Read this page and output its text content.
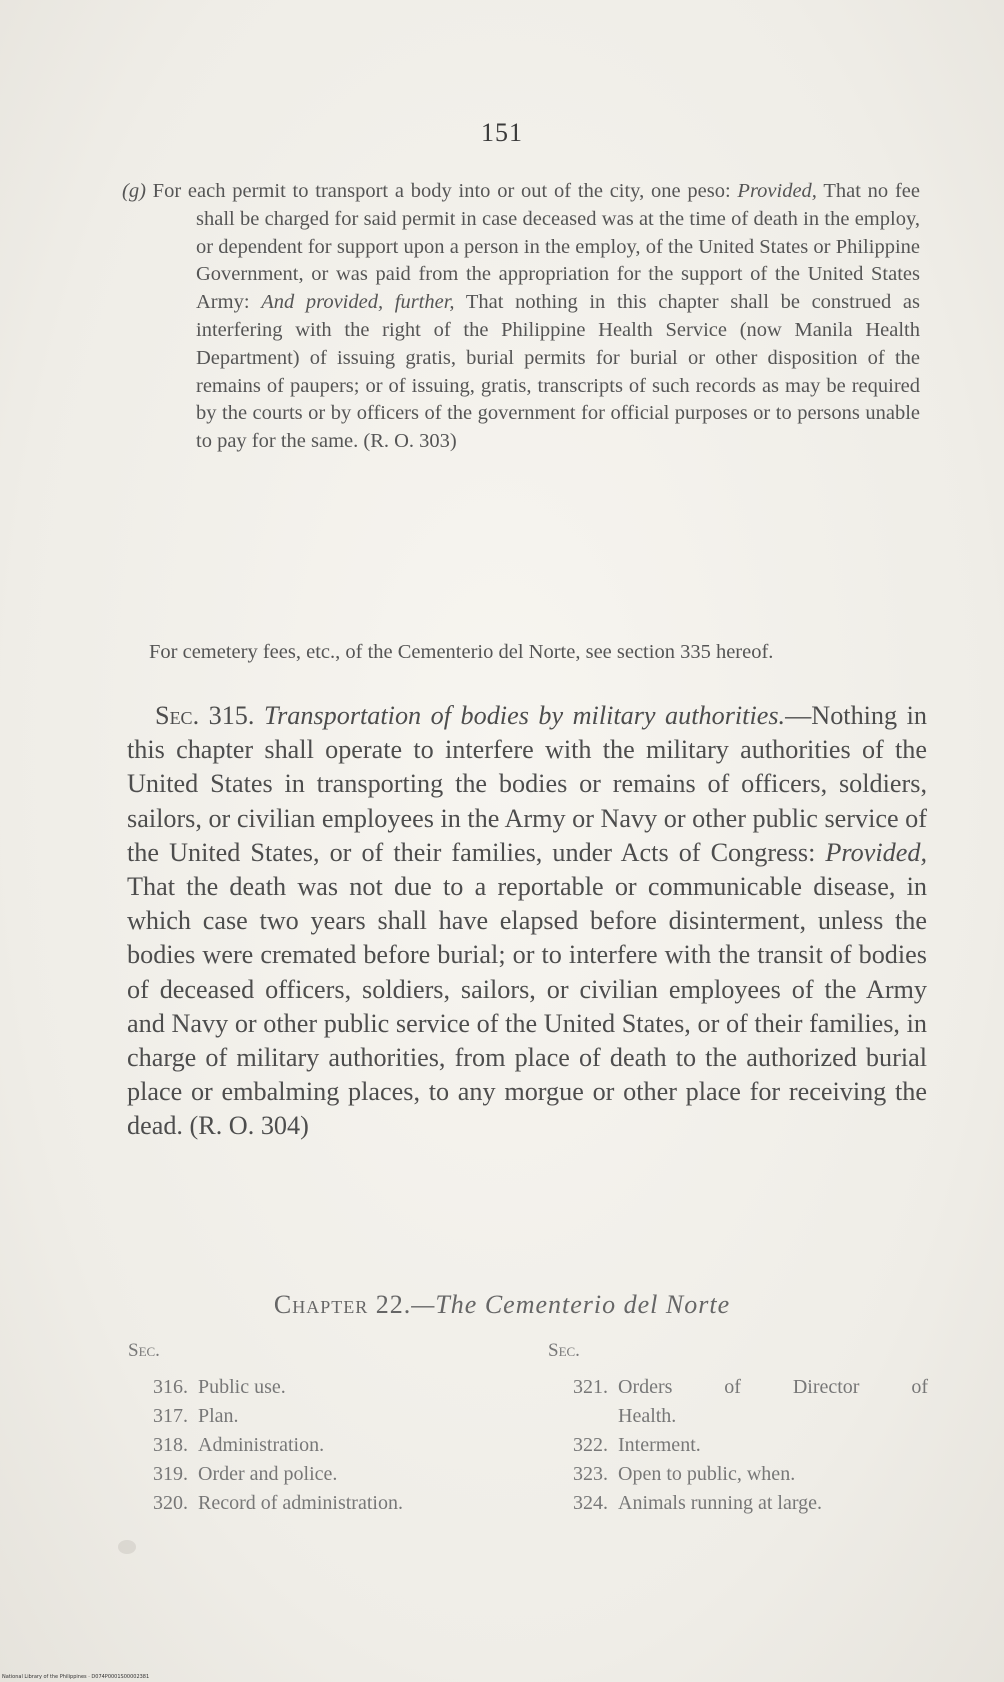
151
(g) For each permit to transport a body into or out of the city, one peso: Provided, That no fee shall be charged for said permit in case deceased was at the time of death in the employ, or dependent for support upon a person in the employ, of the United States or Philippine Government, or was paid from the appropriation for the support of the United States Army: And provided, further, That nothing in this chapter shall be construed as interfering with the right of the Philippine Health Service (now Manila Health Department) of issuing gratis, burial permits for burial or other disposition of the remains of paupers; or of issuing, gratis, transcripts of such records as may be required by the courts or by officers of the government for official purposes or to persons unable to pay for the same. (R. O. 303)
For cemetery fees, etc., of the Cementerio del Norte, see section 335 hereof.
Sec. 315. Transportation of bodies by military authorities.—Nothing in this chapter shall operate to interfere with the military authorities of the United States in transporting the bodies or remains of officers, soldiers, sailors, or civilian employees in the Army or Navy or other public service of the United States, or of their families, under Acts of Congress: Provided, That the death was not due to a reportable or communicable disease, in which case two years shall have elapsed before disinterment, unless the bodies were cremated before burial; or to interfere with the transit of bodies of deceased officers, soldiers, sailors, or civilian employees of the Army and Navy or other public service of the United States, or of their families, in charge of military authorities, from place of death to the authorized burial place or embalming places, to any morgue or other place for receiving the dead. (R. O. 304)
Chapter 22.—The Cementerio del Norte
Sec.
316. Public use.
317. Plan.
318. Administration.
319. Order and police.
320. Record of administration.
Sec.
321. Orders of Director of
Health.
322. Interment.
323. Open to public, when.
324. Animals running at large.
National Library of the Philippines · D074P0001S00002381
